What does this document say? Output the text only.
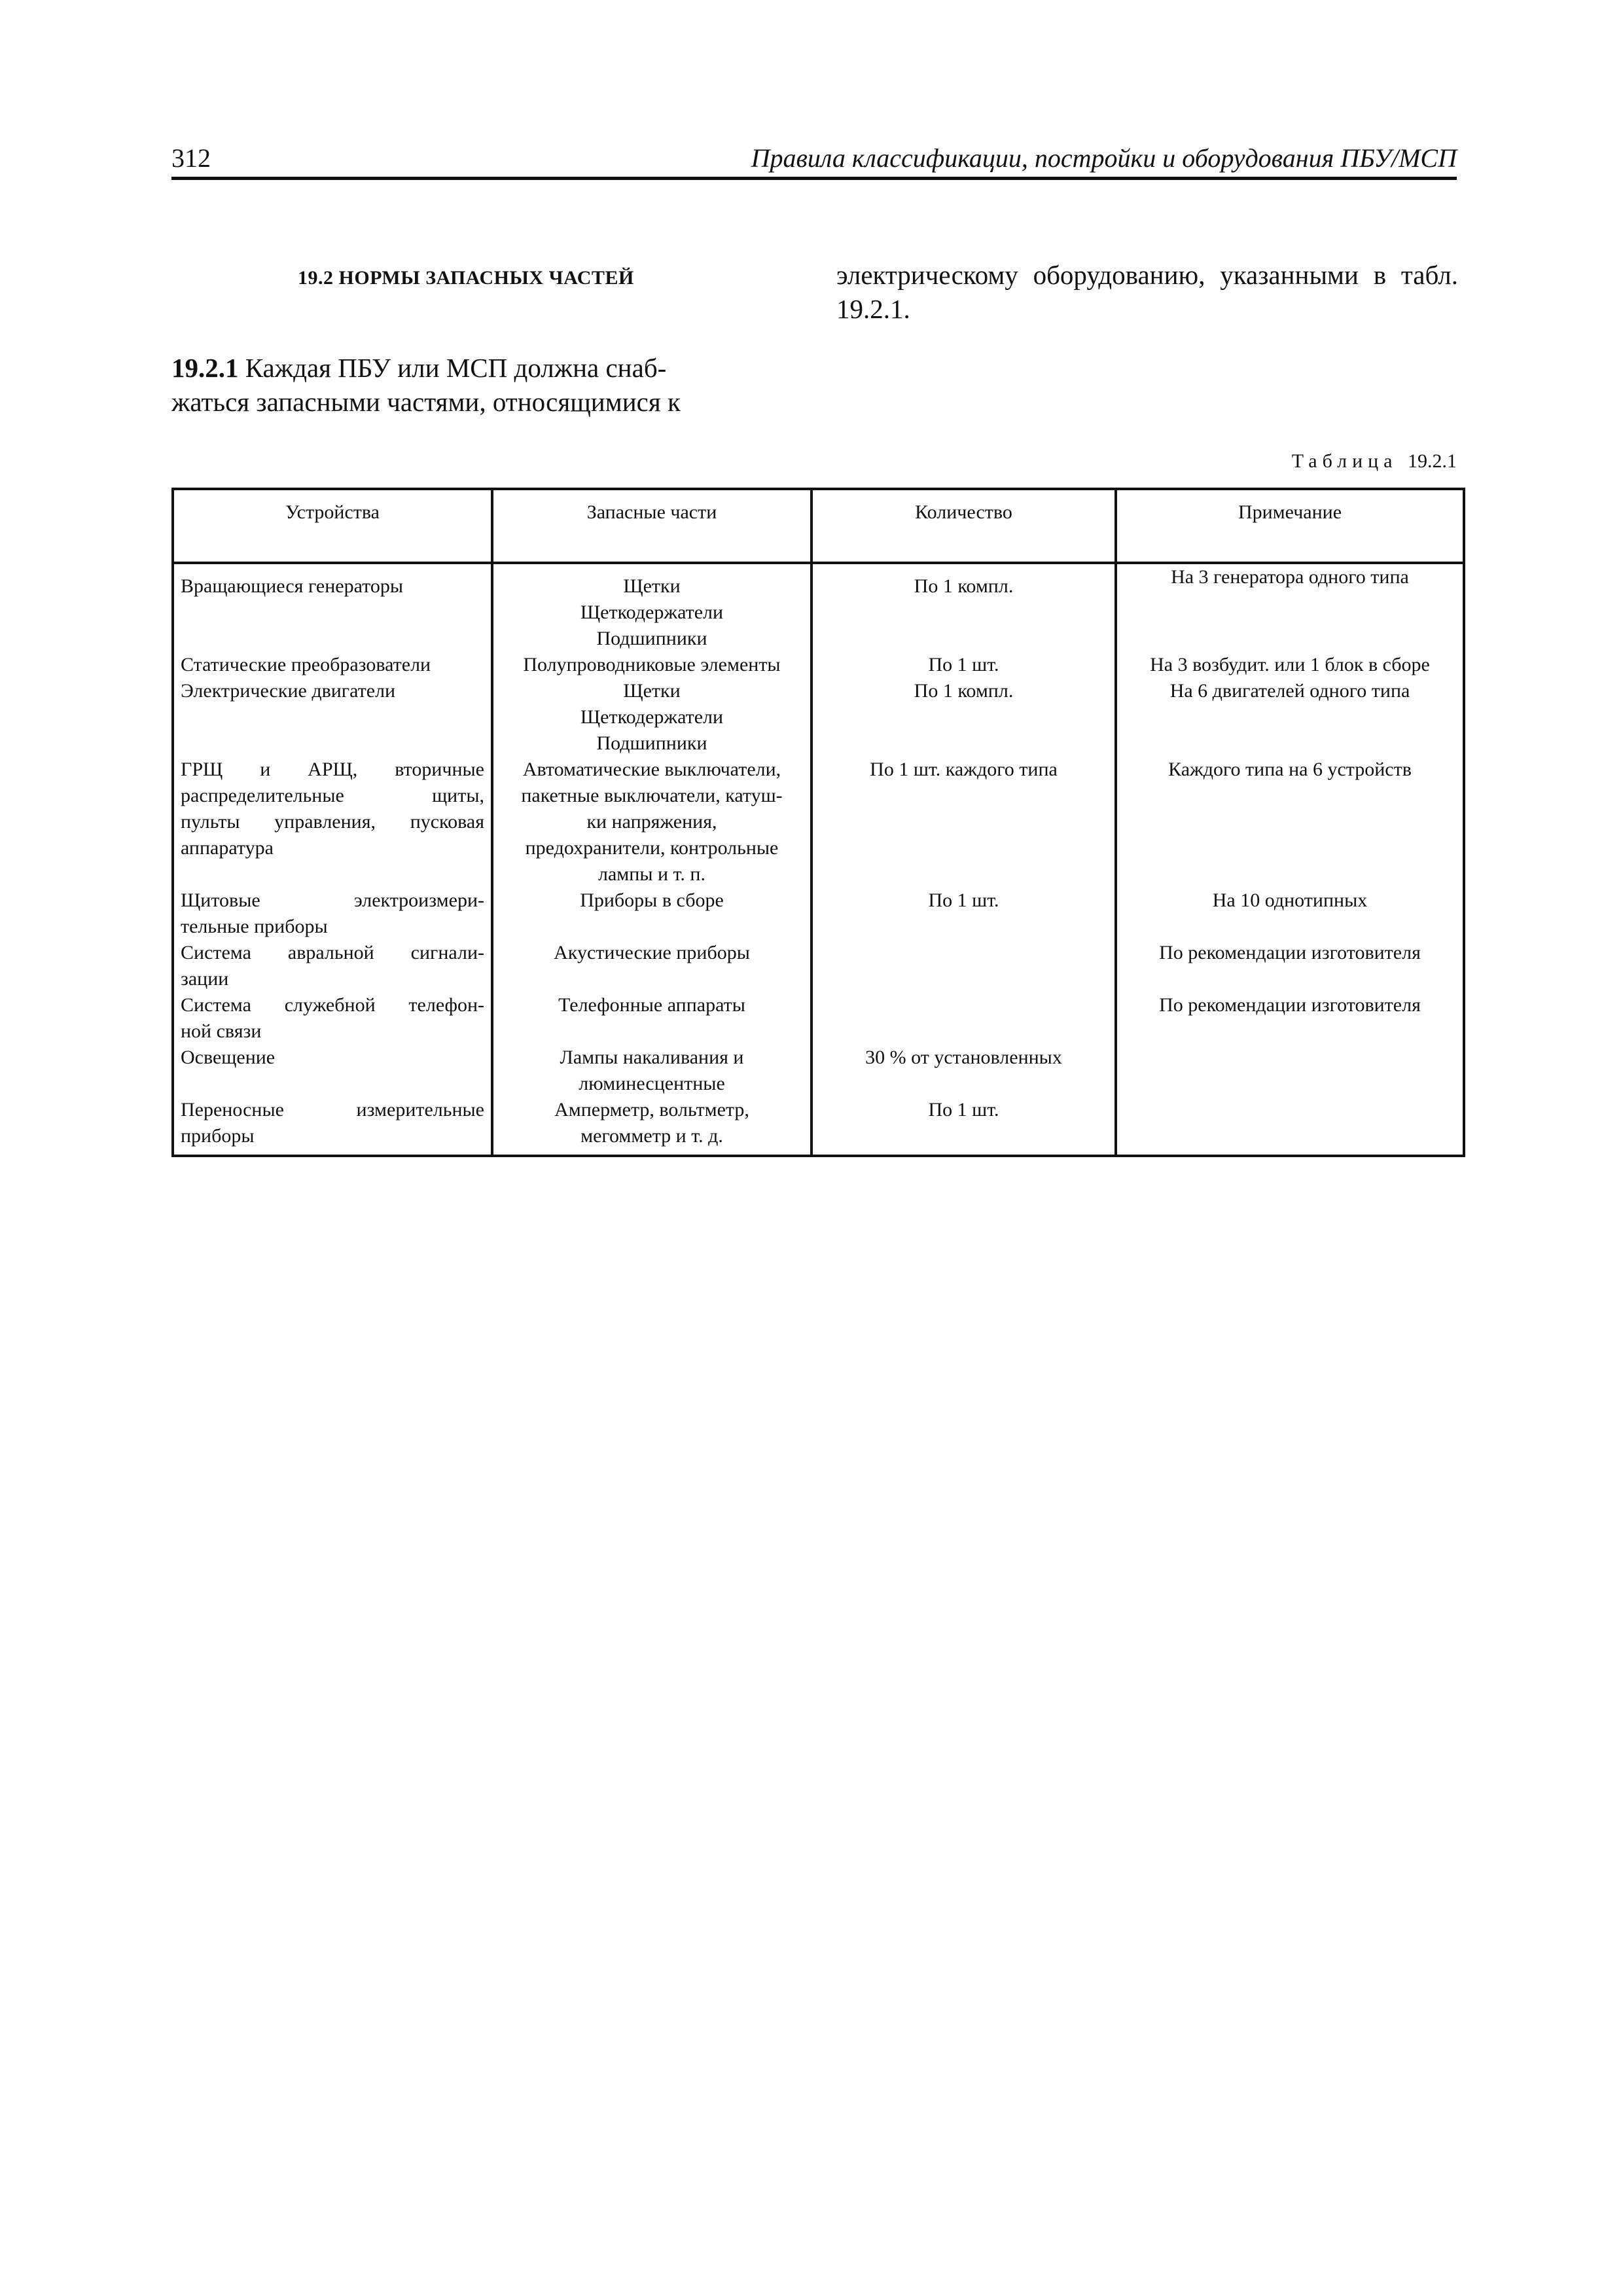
312	Правила классификации, постройки и оборудования ПБУ/МСП
19.2 НОРМЫ ЗАПАСНЫХ ЧАСТЕЙ
19.2.1 Каждая ПБУ или МСП должна снаб-
жаться запасными частями, относящимися к
электрическому оборудованию, указанными в табл. 19.2.1.
Таблица 19.2.1
Устройства	Запасные части	Количество	Примечание

Вращающиеся генераторы	Щетки
Щеткодержатели
Подшипники	По 1 компл.	На 3 генератора одного типа

Статические преобразователи	Полупроводниковые элементы	По 1 шт.	На 3 возбудит. или 1 блок в сборе

Электрические двигатели	Щетки
Щеткодержатели
Подшипники	По 1 компл.	На 6 двигателей одного типа

ГРЩ и АРЩ, вторичные
распределительные щиты,
пульты управления, пусковая
аппаратура	Автоматические выключатели,
пакетные выключатели, катуш-
ки напряжения,
предохранители, контрольные
лампы и т. п.	По 1 шт. каждого типа	Каждого типа на 6 устройств

Щитовые электроизмери-
тельные приборы	Приборы в сборе	По 1 шт.	На 10 однотипных

Система авральной сигнали-
зации	Акустические приборы		По рекомендации изготовителя

Система служебной телефон-
ной связи	Телефонные аппараты		По рекомендации изготовителя

Освещение	Лампы накаливания и
люминесцентные	30 % от установленных	

Переносные измерительные
приборы	Амперметр, вольтметр,
мегомметр и т. д.	По 1 шт.	
